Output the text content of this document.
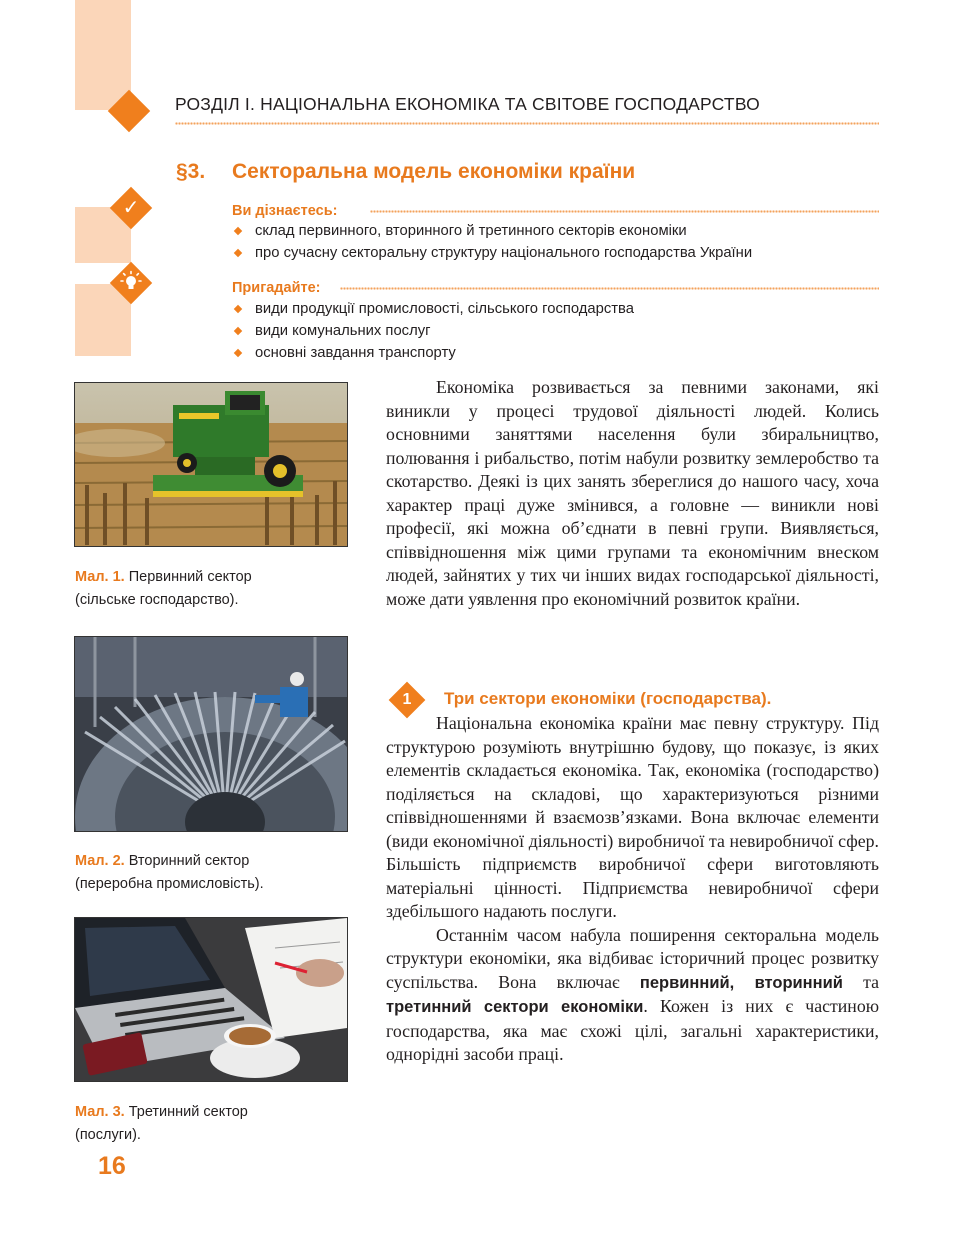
РОЗДІЛ І. НАЦІОНАЛЬНА ЕКОНОМІКА ТА СВІТОВЕ ГОСПОДАРСТВО
§3. Секторальна модель економіки країни
✓	Ви дізнаєтесь:
склад первинного, вторинного й третинного секторів економіки
про сучасну секторальну структуру національного господарства України
Пригадайте:
види продукції промисловості, сільського господарства
види комунальних послуг
основні завдання транспорту
Мал. 1. Первинний сектор
(сільське господарство).
Мал. 2. Вторинний сектор
(переробна промисловість).
Мал. 3. Третинний сектор
(послуги).

Економіка розвивається за певними законами, які виникли у процесі трудової діяльності людей. Колись основними заняттями населення були збиральництво, полювання і рибальство, потім набули розвитку землеробство та скотарство. Деякі із цих занять збереглися до нашого часу, хоча характер праці дуже змінився, а головне — виникли нові професії, які можна об’єднати в певні групи. Виявляється, співвідношення між цими групами та економічним внеском людей, зайнятих у тих чи інших видах господарської діяльності, може дати уявлення про економічний розвиток країни.

1	Три сектори економіки (господарства).

Національна економіка країни має певну структуру. Під структурою розуміють внутрішню будову, що показує, із яких елементів складається економіка. Так, економіка (господарство) поділяється на складові, що характеризуються різними співвідношеннями й взаємозв’язками. Вона включає елементи (види економічної діяльності) виробничої та невиробничої сфер. Більшість підприємств виробничої сфери виготовляють матеріальні цінності. Підприємства невиробничої сфери здебільшого надають послуги.

Останнім часом набула поширення секторальна модель структури економіки, яка відбиває історичний процес розвитку суспільства. Вона включає первинний, вторинний та третинний сектори економіки. Кожен із них є частиною господарства, яка має схожі цілі, загальні характеристики, однорідні засоби праці.

16
